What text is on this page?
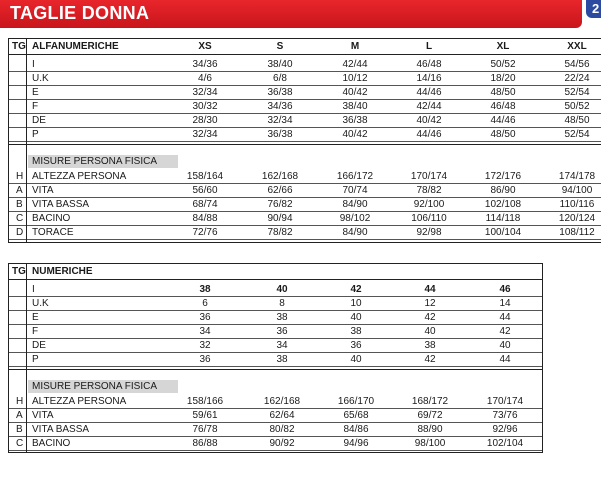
TAGLIE DONNA	2
TG ALFANUMERICHE	XS	S	M	L	XL	XXL
I	34/36	38/40	42/44	46/48	50/52	54/56
U.K	4/6	6/8	10/12	14/16	18/20	22/24
E	32/34	36/38	40/42	44/46	48/50	52/54
F	30/32	34/36	38/40	42/44	46/48	50/52
DE	28/30	32/34	36/38	40/42	44/46	48/50
P	32/34	36/38	40/42	44/46	48/50	52/54
MISURE PERSONA FISICA
H ALTEZZA PERSONA	158/164	162/168	166/172	170/174	172/176	174/178
A VITA	56/60	62/66	70/74	78/82	86/90	94/100
B VITA BASSA	68/74	76/82	84/90	92/100	102/108	110/116
C BACINO	84/88	90/94	98/102	106/110	114/118	120/124
D TORACE	72/76	78/82	84/90	92/98	100/104	108/112
TG NUMERICHE
I	38	40	42	44	46
U.K	6	8	10	12	14
E	36	38	40	42	44
F	34	36	38	40	42
DE	32	34	36	38	40
P	36	38	40	42	44
MISURE PERSONA FISICA
H ALTEZZA PERSONA	158/166	162/168	166/170	168/172	170/174
A VITA	59/61	62/64	65/68	69/72	73/76
B VITA BASSA	76/78	80/82	84/86	88/90	92/96
C BACINO	86/88	90/92	94/96	98/100	102/104
